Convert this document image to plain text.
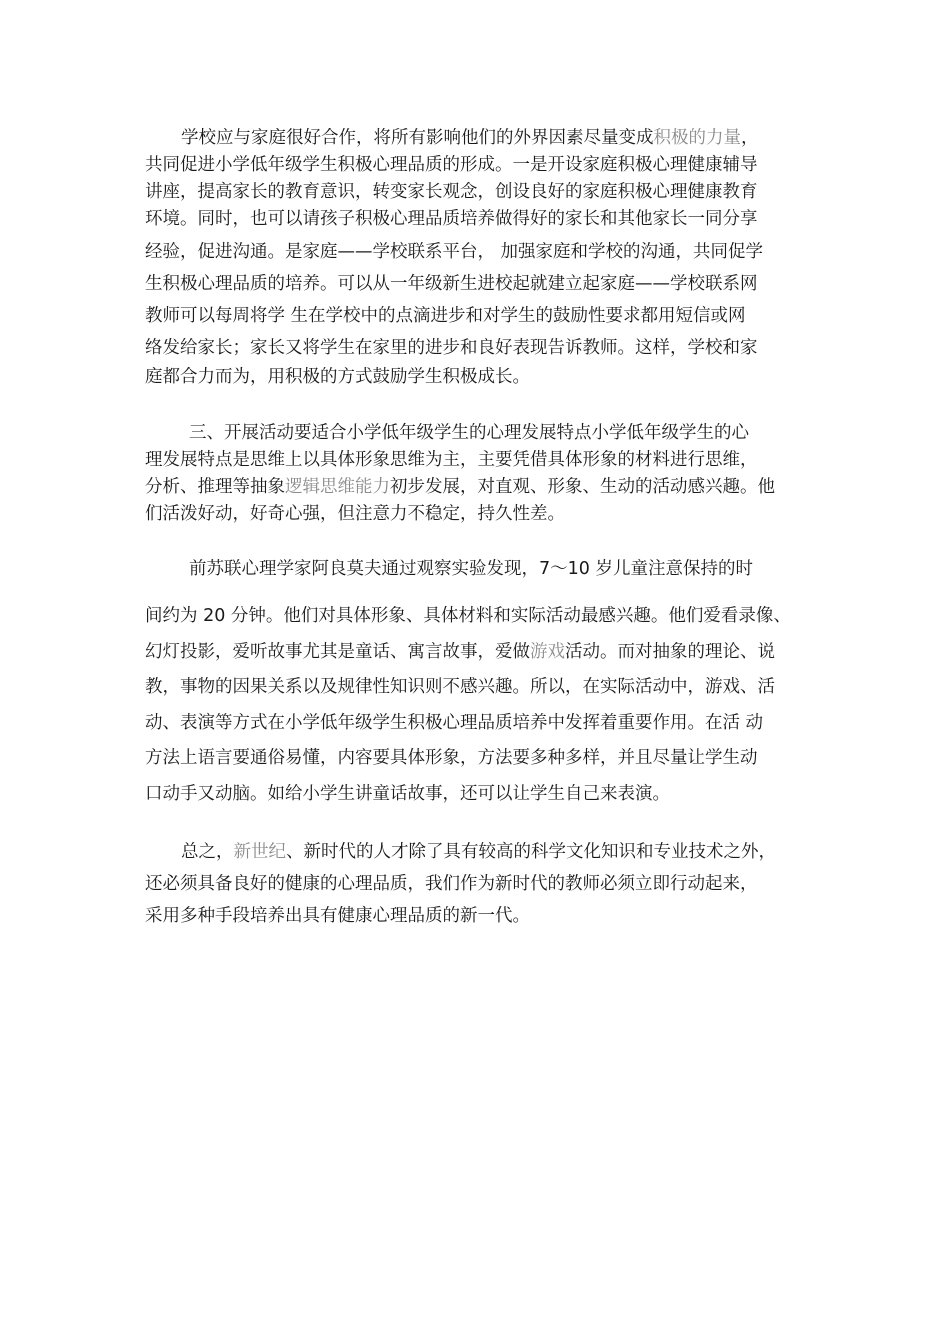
学校应与家庭很好合作，将所有影响他们的外界因素尽量变成积极的力量，
共同促进小学低年级学生积极心理品质的形成。一是开设家庭积极心理健康辅导
讲座，提高家长的教育意识，转变家长观念，创设良好的家庭积极心理健康教育
环境。同时，也可以请孩子积极心理品质培养做得好的家长和其他家长一同分享
经验，促进沟通。是家庭——学校联系平台， 加强家庭和学校的沟通，共同促学
生积极心理品质的培养。可以从一年级新生进校起就建立起家庭——学校联系网
教师可以每周将学 生在学校中的点滴进步和对学生的鼓励性要求都用短信或网
络发给家长；家长又将学生在家里的进步和良好表现告诉教师。这样，学校和家
庭都合力而为，用积极的方式鼓励学生积极成长。
三、开展活动要适合小学低年级学生的心理发展特点小学低年级学生的心
理发展特点是思维上以具体形象思维为主，主要凭借具体形象的材料进行思维，
分析、推理等抽象逻辑思维能力初步发展，对直观、形象、生动的活动感兴趣。他
们活泼好动，好奇心强，但注意力不稳定，持久性差。
前苏联心理学家阿良莫夫通过观察实验发现，7～10 岁儿童注意保持的时
间约为 20 分钟。他们对具体形象、具体材料和实际活动最感兴趣。他们爱看录像、
幻灯投影，爱听故事尤其是童话、寓言故事，爱做游戏活动。而对抽象的理论、说
教，事物的因果关系以及规律性知识则不感兴趣。所以，在实际活动中，游戏、活
动、表演等方式在小学低年级学生积极心理品质培养中发挥着重要作用。在活 动
方法上语言要通俗易懂，内容要具体形象，方法要多种多样，并且尽量让学生动
口动手又动脑。如给小学生讲童话故事，还可以让学生自己来表演。
总之，新世纪、新时代的人才除了具有较高的科学文化知识和专业技术之外，
还必须具备良好的健康的心理品质，我们作为新时代的教师必须立即行动起来，
采用多种手段培养出具有健康心理品质的新一代。
